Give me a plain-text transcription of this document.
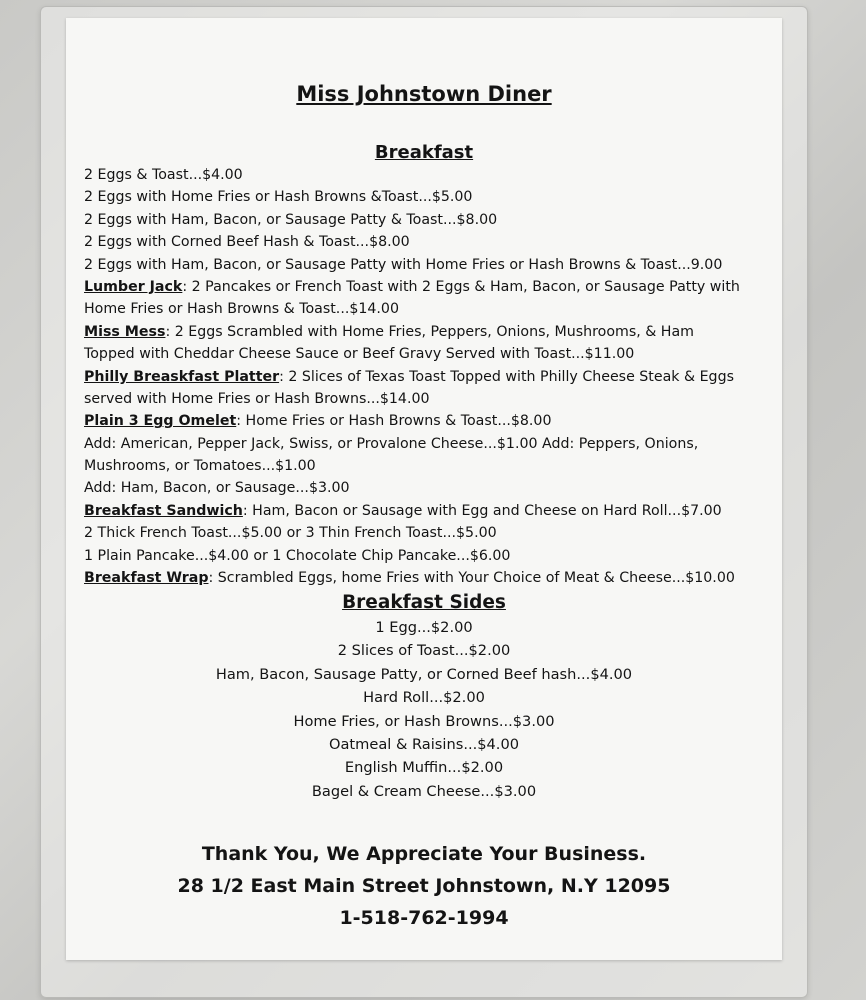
Miss Johnstown Diner
Breakfast
2 Eggs & Toast...$4.00
2 Eggs with Home Fries or Hash Browns &Toast...$5.00
2 Eggs with Ham, Bacon, or Sausage Patty & Toast...$8.00
2 Eggs with Corned Beef Hash & Toast...$8.00
2 Eggs with Ham, Bacon, or Sausage Patty with Home Fries or Hash Browns & Toast...9.00
Lumber Jack: 2 Pancakes or French Toast with 2 Eggs & Ham, Bacon, or Sausage Patty with
Home Fries or Hash Browns & Toast...$14.00
Miss Mess: 2 Eggs Scrambled with Home Fries, Peppers, Onions, Mushrooms, & Ham
Topped with Cheddar Cheese Sauce or Beef Gravy Served with Toast...$11.00
Philly Breaskfast Platter: 2 Slices of Texas Toast Topped with Philly Cheese Steak & Eggs
served with Home Fries or Hash Browns...$14.00
Plain 3 Egg Omelet: Home Fries or Hash Browns & Toast...$8.00
Add: American, Pepper Jack, Swiss, or Provalone Cheese...$1.00 Add: Peppers, Onions,
Mushrooms, or Tomatoes...$1.00
Add: Ham, Bacon, or Sausage...$3.00
Breakfast Sandwich: Ham, Bacon or Sausage with Egg and Cheese on Hard Roll...$7.00
2 Thick French Toast...$5.00 or 3 Thin French Toast...$5.00
1 Plain Pancake...$4.00 or 1 Chocolate Chip Pancake...$6.00
Breakfast Wrap: Scrambled Eggs, home Fries with Your Choice of Meat & Cheese...$10.00
Breakfast Sides
1 Egg...$2.00
2 Slices of Toast...$2.00
Ham, Bacon, Sausage Patty, or Corned Beef hash...$4.00
Hard Roll...$2.00
Home Fries, or Hash Browns...$3.00
Oatmeal & Raisins...$4.00
English Muffin...$2.00
Bagel & Cream Cheese...$3.00
Thank You, We Appreciate Your Business.
28 1/2 East Main Street Johnstown, N.Y 12095
1-518-762-1994
